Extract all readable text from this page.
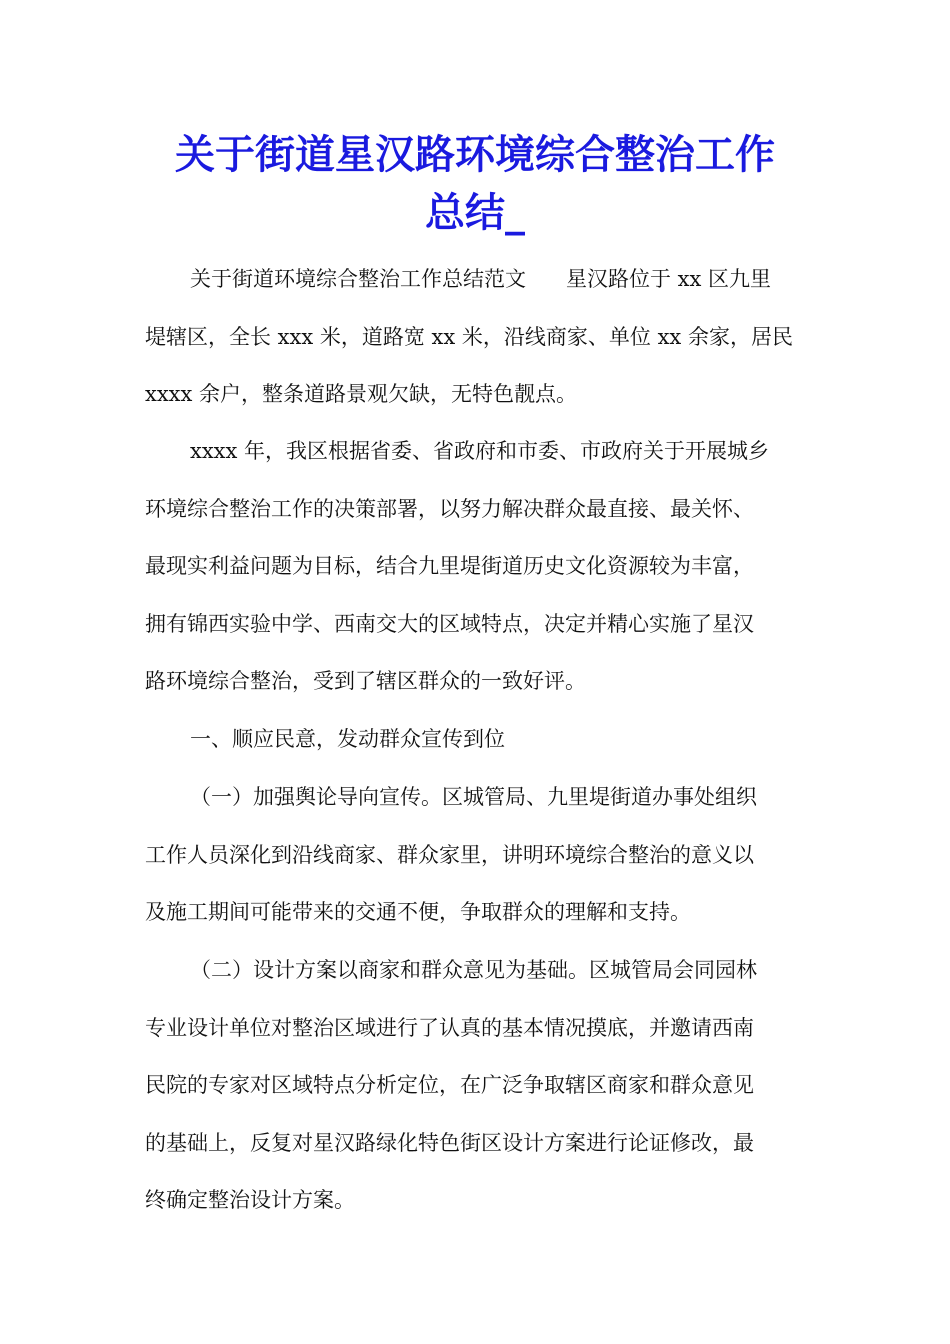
关于街道星汉路环境综合整治工作
总结_
关于街道环境综合整治工作总结范文 星汉路位于 xx 区九里
堤辖区，全长 xxx 米，道路宽 xx 米，沿线商家、单位 xx 余家，居民
xxxx 余户，整条道路景观欠缺，无特色靓点。
xxxx 年，我区根据省委、省政府和市委、市政府关于开展城乡
环境综合整治工作的决策部署，以努力解决群众最直接、最关怀、
最现实利益问题为目标，结合九里堤街道历史文化资源较为丰富，
拥有锦西实验中学、西南交大的区域特点，决定并精心实施了星汉
路环境综合整治，受到了辖区群众的一致好评。
一、顺应民意，发动群众宣传到位
（一）加强舆论导向宣传。区城管局、九里堤街道办事处组织
工作人员深化到沿线商家、群众家里，讲明环境综合整治的意义以
及施工期间可能带来的交通不便，争取群众的理解和支持。
（二）设计方案以商家和群众意见为基础。区城管局会同园林
专业设计单位对整治区域进行了认真的基本情况摸底，并邀请西南
民院的专家对区域特点分析定位，在广泛争取辖区商家和群众意见
的基础上，反复对星汉路绿化特色街区设计方案进行论证修改，最
终确定整治设计方案。
